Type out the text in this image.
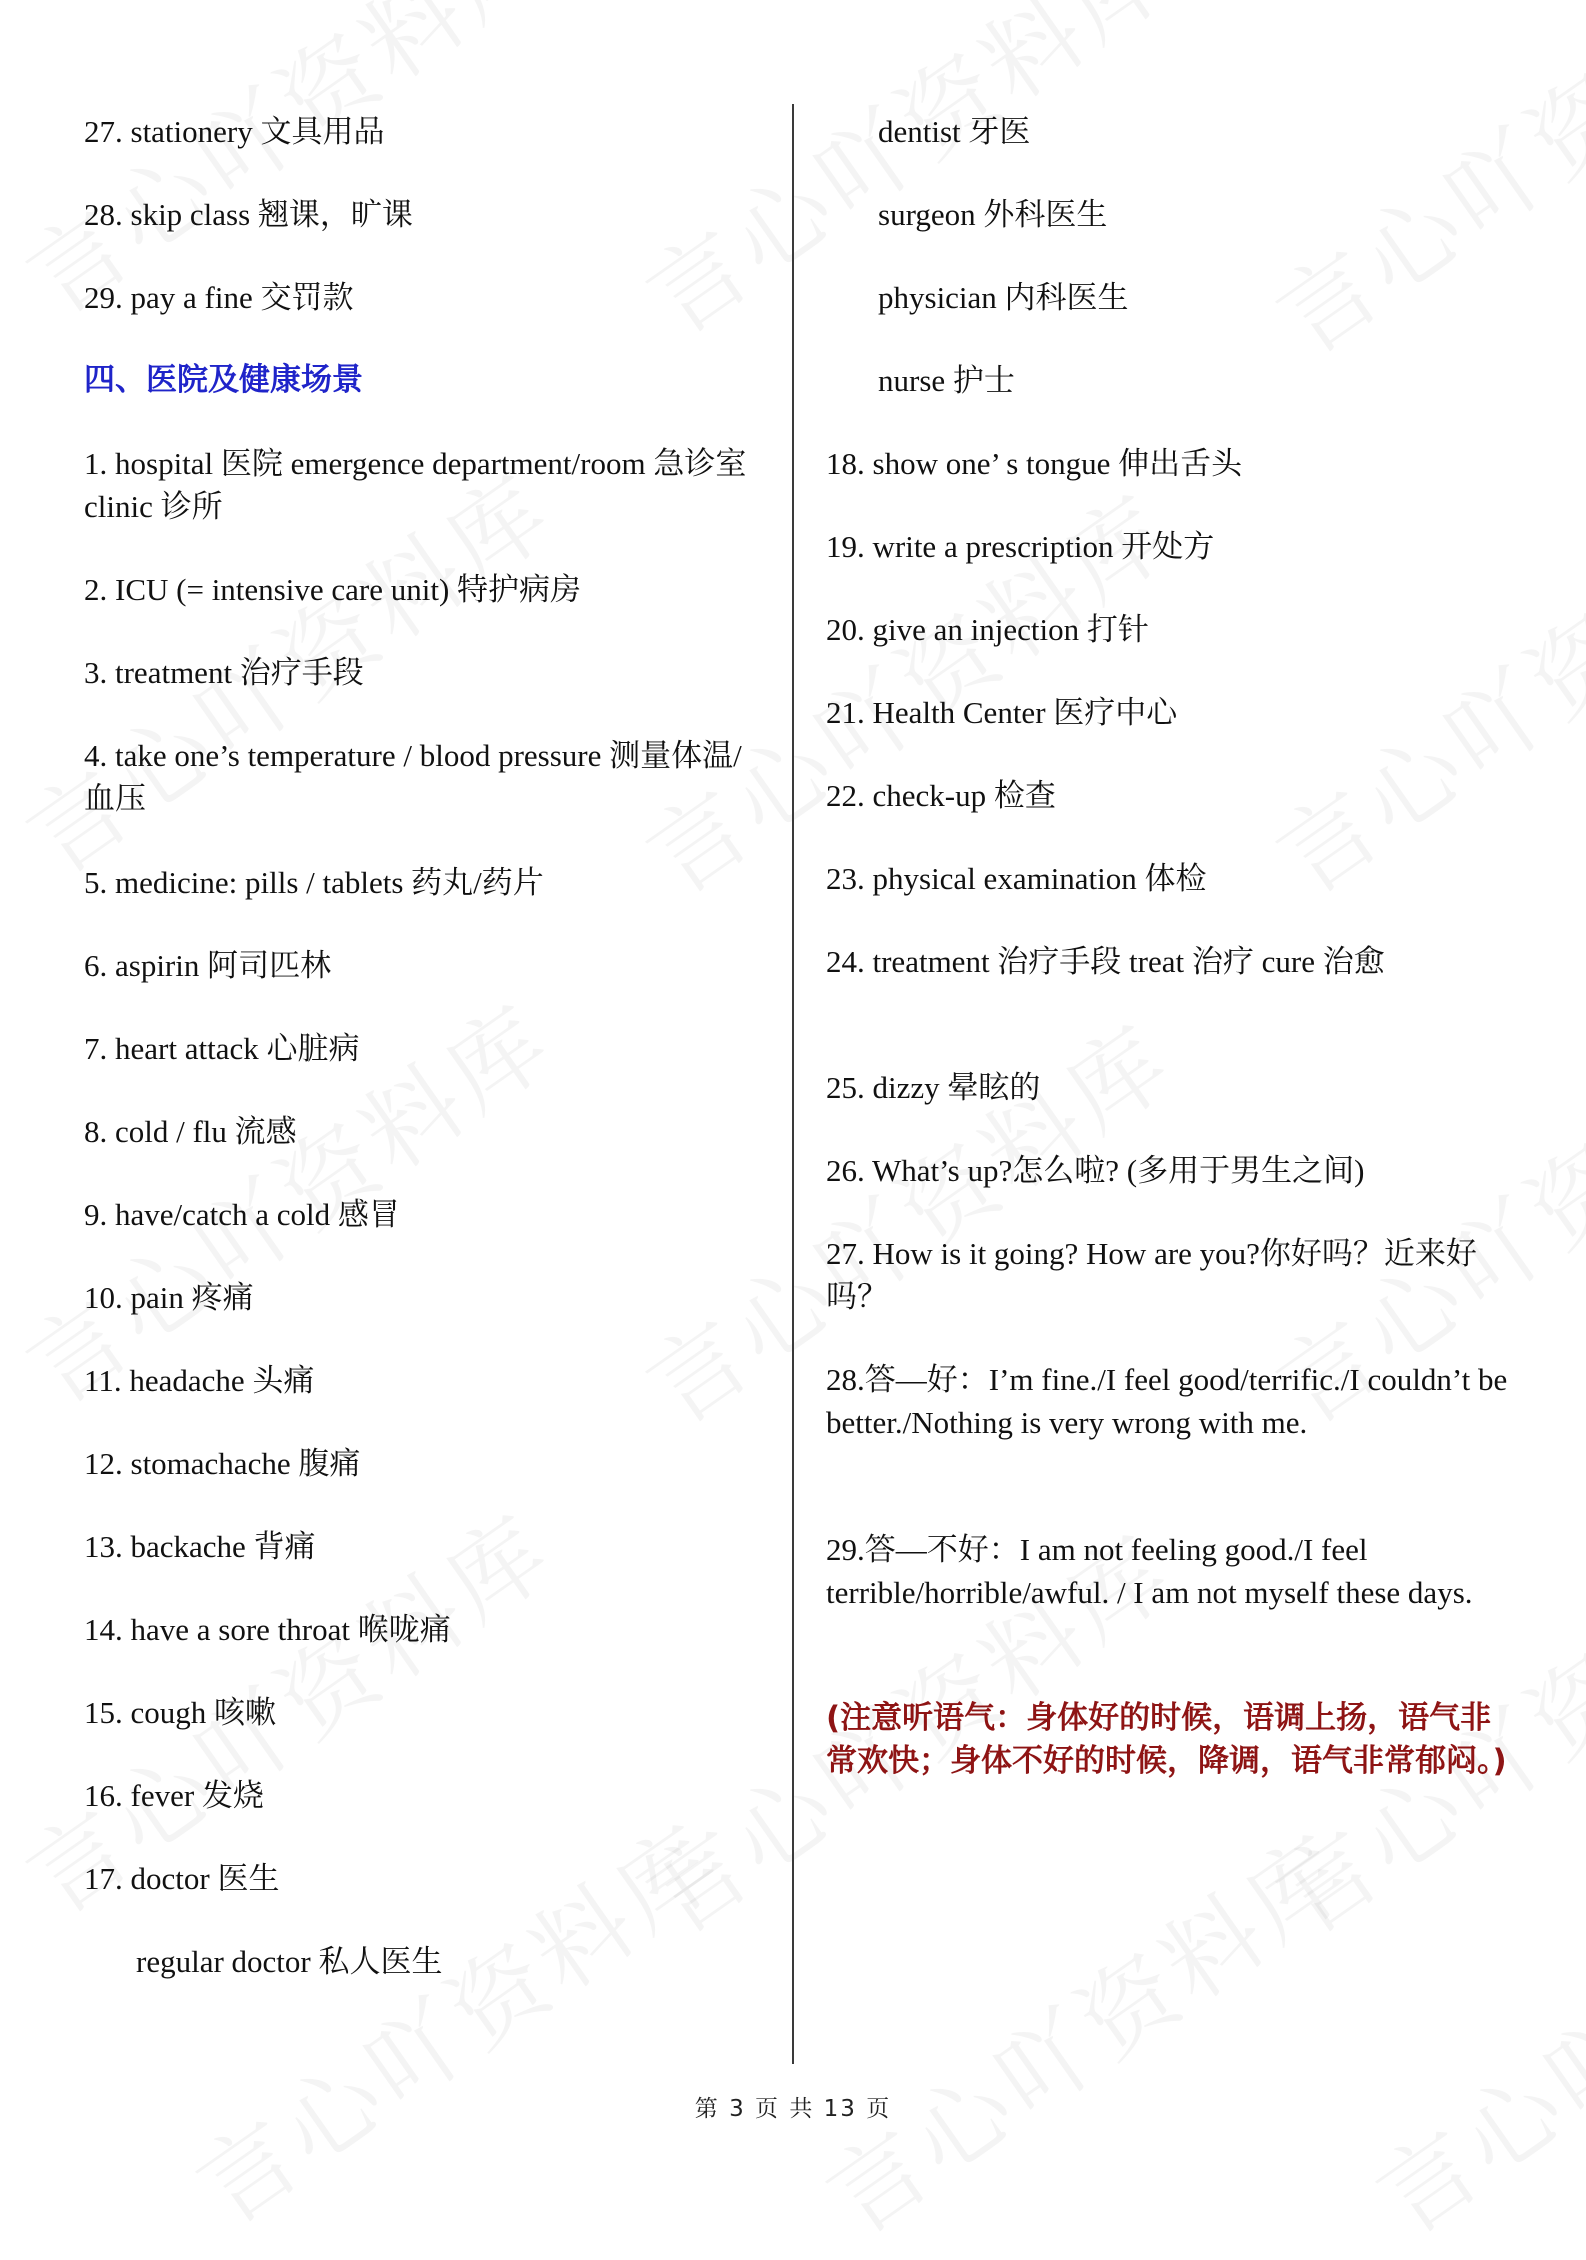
27. stationery 文具用品
28. skip class 翘课，旷课
29. pay a fine 交罚款
四、医院及健康场景
1. hospital 医院 emergence department/room 急诊室 clinic 诊所
2. ICU (= intensive care unit) 特护病房
3. treatment 治疗手段
4. take one’s temperature / blood pressure 测量体温/血压
5. medicine: pills / tablets 药丸/药片
6. aspirin 阿司匹林
7. heart attack 心脏病
8. cold / flu 流感
9. have/catch a cold 感冒
10. pain 疼痛
11. headache 头痛
12. stomachache 腹痛
13. backache 背痛
14. have a sore throat 喉咙痛
15. cough 咳嗽
16. fever 发烧
17. doctor 医生
regular doctor 私人医生
dentist 牙医
surgeon 外科医生
physician 内科医生
nurse 护士
18. show one’ s tongue 伸出舌头
19. write a prescription 开处方
20. give an injection 打针
21. Health Center 医疗中心
22. check-up 检查
23. physical examination 体检
24. treatment 治疗手段 treat 治疗 cure 治愈
25. dizzy 晕眩的
26. What’s up?怎么啦? (多用于男生之间)
27. How is it going? How are you?你好吗？近来好吗？
28.答—好：I’m fine./I feel good/terrific./I couldn’t be better./Nothing is very wrong with me.
29.答—不好：I am not feeling good./I feel terrible/horrible/awful. / I am not myself these days.
(注意听语气：身体好的时候，语调上扬，语气非常欢快；身体不好的时候，降调，语气非常郁闷。)
第 3 页 共 13 页
